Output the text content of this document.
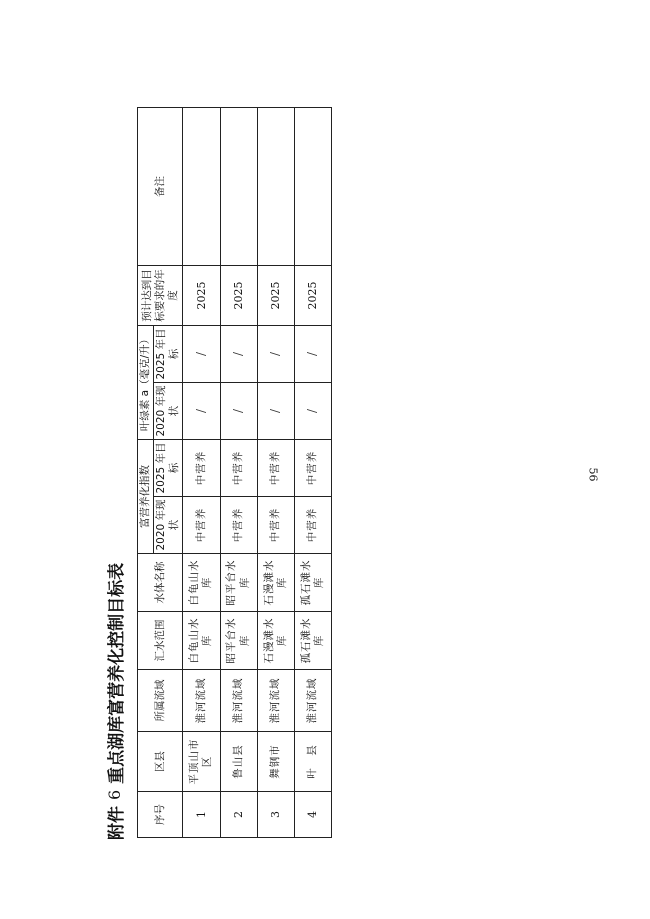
附件
6
重点湖库富营养化控制目标表
序号	区县	所属流域	汇水范围	水体名称	富营养化指数		叶绿素 a（毫克/升）		预计达到目标要求的年度	备注
					2020 年现状	2025 年目标	2020 年现状	2025 年目标		
1	平顶山市区	淮河流域	白龟山水库	白龟山水库	中营养	中营养	/	/	2025	
2	鲁山县	淮河流域	昭平台水库	昭平台水库	中营养	中营养	/	/	2025	
3	舞钢市	淮河流域	石漫滩水库	石漫滩水库	中营养	中营养	/	/	2025	
4	叶　县	淮河流域	孤石滩水库	孤石滩水库	中营养	中营养	/	/	2025	
56
